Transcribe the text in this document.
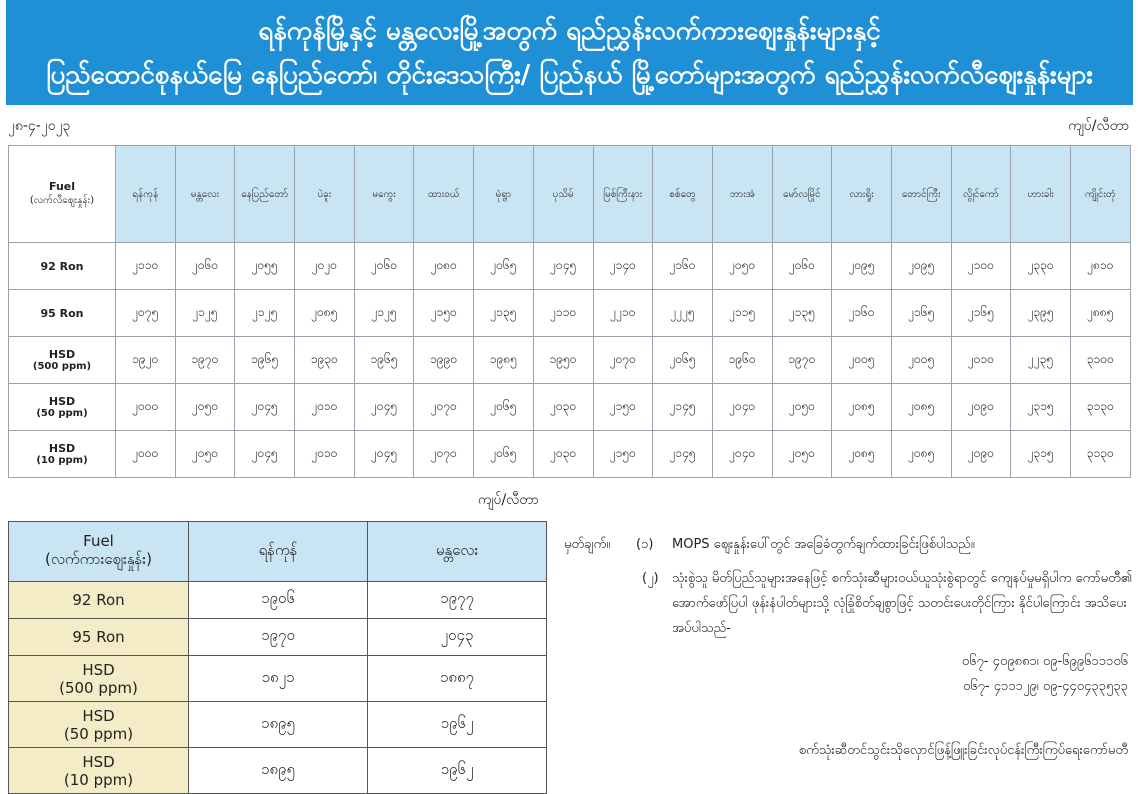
ရန်ကုန်မြို့နှင့် မန္တလေးမြို့အတွက် ရည်ညွှန်းလက်ကားဈေးနှုန်းများနှင့်
ပြည်ထောင်စုနယ်မြေ နေပြည်တော်၊ တိုင်းဒေသကြီး/ ပြည်နယ် မြို့တော်များအတွက် ရည်ညွှန်းလက်လီဈေးနှုန်းများ
၂၈-၄-၂၀၂၃	ကျပ်/လီတာ
Fuel
(လက်လီဈေးနှုန်း)	ရန်ကုန်	မန္တလေး	နေပြည်တော်	ပဲခူး	မကွေး	ထားဝယ်	မုံရွာ	ပုသိမ်	မြစ်ကြီးနား	စစ်တွေ	ဘားအံ	မော်လမြိုင်	လားရှိုး	တောင်ကြီး	လွိုင်ကော်	ဟားခါး	ကျိုင်းတုံ
92 Ron	၂၁၁၀	၂၀၆၀	၂၀၅၅	၂၀၂၀	၂၀၆၀	၂၀၈၀	၂၀၆၅	၂၀၄၅	၂၁၄၀	၂၁၆၀	၂၀၅၀	၂၀၆၀	၂၀၉၅	၂၀၉၅	၂၁၀၀	၂၃၃၀	၂၈၁၀
95 Ron	၂၀၇၅	၂၁၂၅	၂၁၂၅	၂၀၈၅	၂၁၂၅	၂၁၅၀	၂၁၃၅	၂၁၁၀	၂၂၁၀	၂၂၂၅	၂၁၁၅	၂၁၃၅	၂၁၆၀	၂၁၆၅	၂၁၆၅	၂၃၉၅	၂၈၈၅
HSD
(500 ppm)	၁၉၂၀	၁၉၇၀	၁၉၆၅	၁၉၃၀	၁၉၆၅	၁၉၉၀	၁၉၈၅	၁၉၅၀	၂၀၇၀	၂၀၆၅	၁၉၆၀	၁၉၇၀	၂၀၀၅	၂၀၀၅	၂၀၁၀	၂၂၃၅	၃၁၀၀
HSD
(50 ppm)	၂၀၀၀	၂၀၅၀	၂၀၄၅	၂၀၁၀	၂၀၄၅	၂၀၇၀	၂၀၆၅	၂၀၃၀	၂၁၅၀	၂၁၄၅	၂၀၄၀	၂၀၅၀	၂၀၈၅	၂၀၈၅	၂၀၉၀	၂၃၁၅	၃၁၃၀
HSD
(10 ppm)	၂၀၀၀	၂၀၅၀	၂၀၄၅	၂၀၁၀	၂၀၄၅	၂၀၇၀	၂၀၆၅	၂၀၃၀	၂၁၅၀	၂၁၄၅	၂၀၄၀	၂၀၅၀	၂၀၈၅	၂၀၈၅	၂၀၉၀	၂၃၁၅	၃၁၃၀
ကျပ်/လီတာ
Fuel
(လက်ကားဈေးနှုန်း)	ရန်ကုန်	မန္တလေး
92 Ron	၁၉၀၆	၁၉၇၇
95 Ron	၁၉၇၀	၂၀၄၃
HSD
(500 ppm)	၁၈၂၁	၁၈၈၇
HSD
(50 ppm)	၁၈၉၅	၁၉၆၂
HSD
(10 ppm)	၁၈၉၅	၁၉၆၂
မှတ်ချက်။ (၁) MOPS ဈေးနှုန်းပေါ်တွင် အခြေခံတွက်ချက်ထားခြင်းဖြစ်ပါသည်။
(၂) သုံးစွဲသူ မိတ်ပြည်သူများအနေဖြင့် စက်သုံးဆီများဝယ်ယူသုံးစွဲရာတွင် ကျေနပ်မှုမရှိပါက ကော်မတီ၏ အောက်ဖော်ပြပါ ဖုန်းနံပါတ်များသို့ လုံခြုံစိတ်ချစွာဖြင့် သတင်းပေးတိုင်ကြား နိုင်ပါကြောင်း အသိပေးအပ်ပါသည်-
၀၆၇- ၄၀၉၈၈၁၊ ၀၉-၆၉၉၆၁၁၁၀၆
၀၆၇- ၄၁၁၁၂၉၊ ၀၉-၄၄၀၄၃၃၅၃၃
စက်သုံးဆီတင်သွင်းသိုလှောင်ဖြန့်ဖြူးခြင်းလုပ်ငန်းကြီးကြပ်ရေးကော်မတီ
